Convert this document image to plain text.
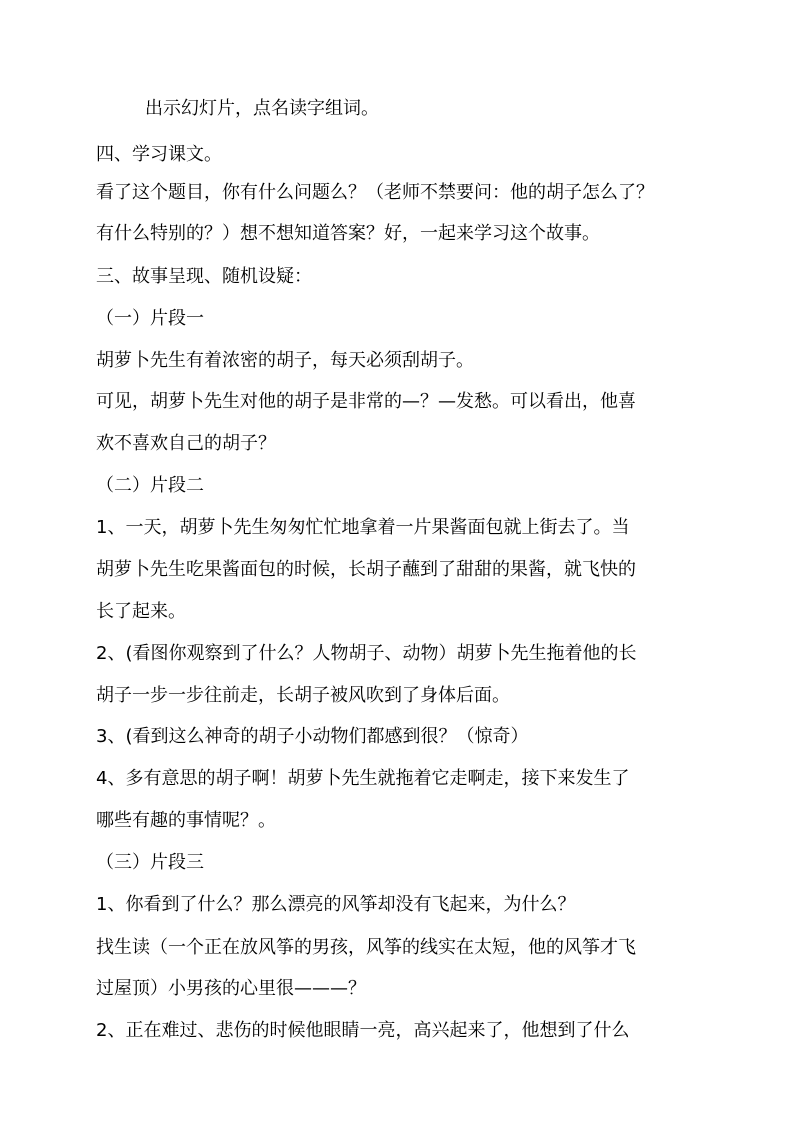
出示幻灯片，点名读字组词。
四、学习课文。
看了这个题目，你有什么问题么？（老师不禁要问：他的胡子怎么了？
有什么特别的？）想不想知道答案？好，一起来学习这个故事。
三、故事呈现、随机设疑：
（一）片段一
胡萝卜先生有着浓密的胡子，每天必须刮胡子。
可见，胡萝卜先生对他的胡子是非常的—？—发愁。可以看出，他喜
欢不喜欢自己的胡子？
（二）片段二
1、一天，胡萝卜先生匆匆忙忙地拿着一片果酱面包就上街去了。当
胡萝卜先生吃果酱面包的时候，长胡子蘸到了甜甜的果酱，就飞快的
长了起来。
2、(看图你观察到了什么？人物胡子、动物）胡萝卜先生拖着他的长
胡子一步一步往前走，长胡子被风吹到了身体后面。
3、(看到这么神奇的胡子小动物们都感到很？（惊奇）
4、多有意思的胡子啊！胡萝卜先生就拖着它走啊走，接下来发生了
哪些有趣的事情呢？。
（三）片段三
1、你看到了什么？那么漂亮的风筝却没有飞起来，为什么？
找生读（一个正在放风筝的男孩，风筝的线实在太短，他的风筝才飞
过屋顶）小男孩的心里很———？
2、正在难过、悲伤的时候他眼睛一亮，高兴起来了，他想到了什么
